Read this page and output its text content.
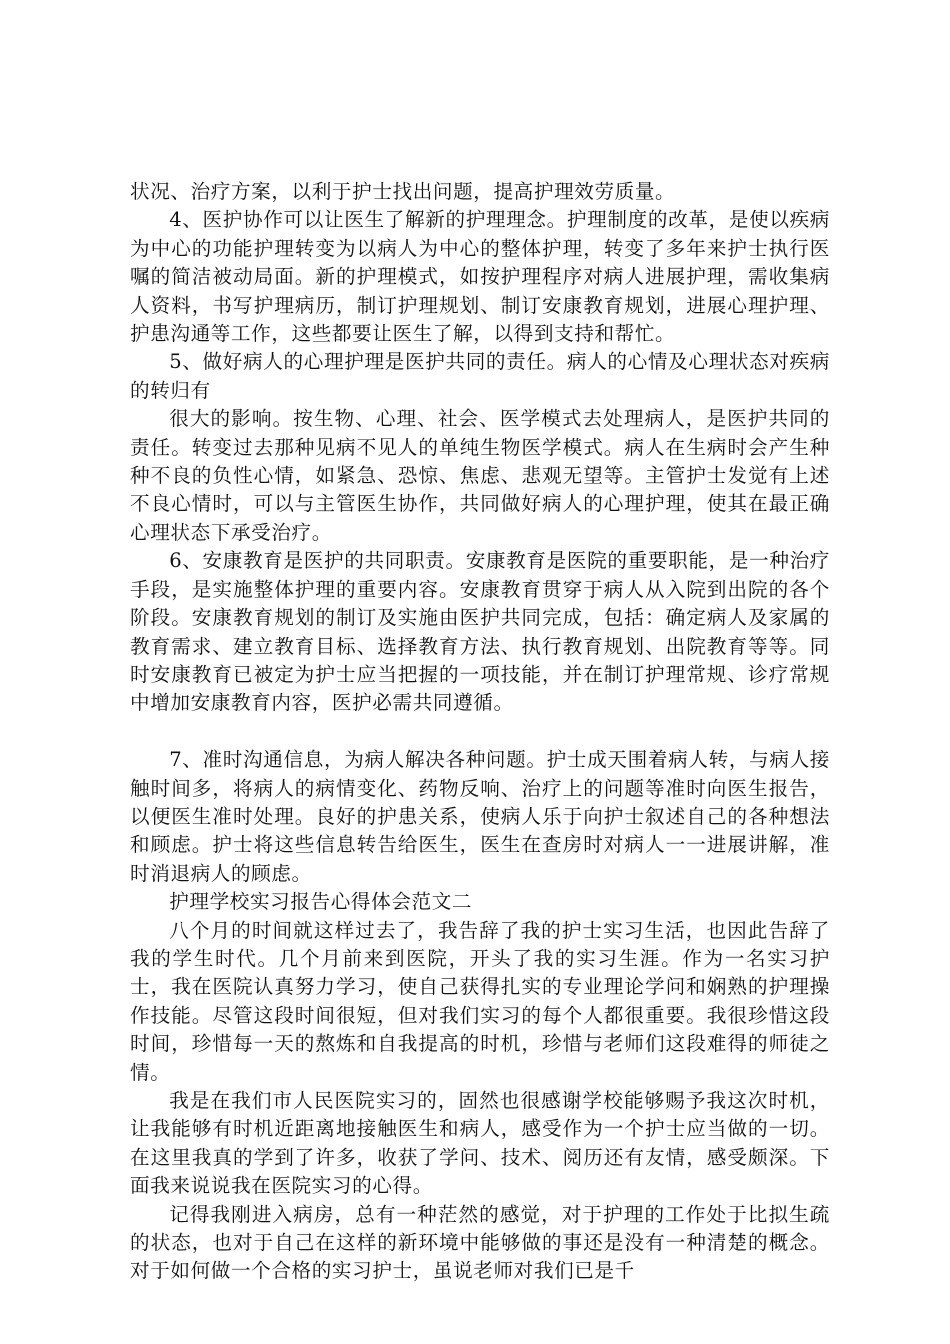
状况、治疗方案，以利于护士找出问题，提高护理效劳质量。

4、医护协作可以让医生了解新的护理理念。护理制度的改革，是使以疾病为中心的功能护理转变为以病人为中心的整体护理，转变了多年来护士执行医嘱的简洁被动局面。新的护理模式，如按护理程序对病人进展护理，需收集病人资料，书写护理病历，制订护理规划、制订安康教育规划，进展心理护理、护患沟通等工作，这些都要让医生了解，以得到支持和帮忙。

5、做好病人的心理护理是医护共同的责任。病人的心情及心理状态对疾病的转归有

很大的影响。按生物、心理、社会、医学模式去处理病人，是医护共同的责任。转变过去那种见病不见人的单纯生物医学模式。病人在生病时会产生种种不良的负性心情，如紧急、恐惊、焦虑、悲观无望等。主管护士发觉有上述不良心情时，可以与主管医生协作，共同做好病人的心理护理，使其在最正确心理状态下承受治疗。

6、安康教育是医护的共同职责。安康教育是医院的重要职能，是一种治疗手段，是实施整体护理的重要内容。安康教育贯穿于病人从入院到出院的各个阶段。安康教育规划的制订及实施由医护共同完成，包括：确定病人及家属的教育需求、建立教育目标、选择教育方法、执行教育规划、出院教育等等。同时安康教育已被定为护士应当把握的一项技能，并在制订护理常规、诊疗常规中增加安康教育内容，医护必需共同遵循。

7、准时沟通信息，为病人解决各种问题。护士成天围着病人转，与病人接触时间多，将病人的病情变化、药物反响、治疗上的问题等准时向医生报告，以便医生准时处理。良好的护患关系，使病人乐于向护士叙述自己的各种想法和顾虑。护士将这些信息转告给医生，医生在查房时对病人一一进展讲解，准时消退病人的顾虑。

护理学校实习报告心得体会范文二

八个月的时间就这样过去了，我告辞了我的护士实习生活，也因此告辞了我的学生时代。几个月前来到医院，开头了我的实习生涯。作为一名实习护士，我在医院认真努力学习，使自己获得扎实的专业理论学问和娴熟的护理操作技能。尽管这段时间很短，但对我们实习的每个人都很重要。我很珍惜这段时间，珍惜每一天的熬炼和自我提高的时机，珍惜与老师们这段难得的师徒之情。

我是在我们市人民医院实习的，固然也很感谢学校能够赐予我这次时机，让我能够有时机近距离地接触医生和病人，感受作为一个护士应当做的一切。在这里我真的学到了许多，收获了学问、技术、阅历还有友情，感受颇深。下面我来说说我在医院实习的心得。

记得我刚进入病房，总有一种茫然的感觉，对于护理的工作处于比拟生疏的状态，也对于自己在这样的新环境中能够做的事还是没有一种清楚的概念。对于如何做一个合格的实习护士，虽说老师对我们已是千
